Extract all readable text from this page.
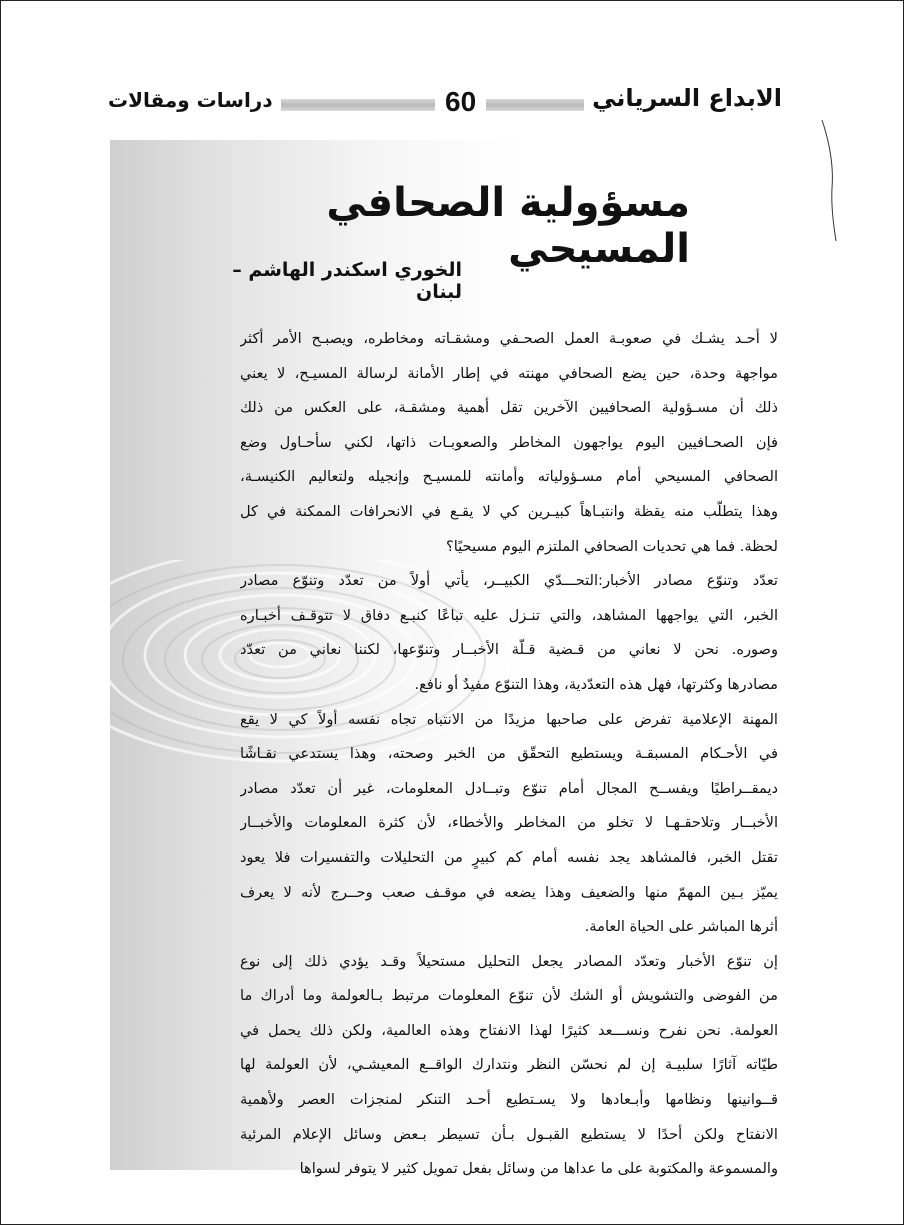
الابداع السرياني
60
دراسات ومقالات
مسؤولية الصحافي المسيحي

الخوري اسكندر الهاشم – لبنان

لا أحـد يشـك في صعوبـة العمل الصحـفي ومشقـاته ومخاطره، ويصبـح الأمر أكثر
مواجهة وحدة، حين يضع الصحافي مهنته في إطار الأمانة لرسالة المسيـح، لا يعني
ذلك أن مسـؤولية الصحافيين الآخرين تقل أهمية ومشقـة، على العكس من ذلك
فإن الصحـافيين اليوم يواجهون المخاطر والصعوبـات ذاتها، لكني سأحـاول وضع
الصحافي المسيحي أمام مسـؤولياته وأمانته للمسيـح وإنجيله ولتعاليم الكنيسـة،
وهذا يتطلّب منه يقظة وانتبـاهاً كبيـرين كي لا يقـع في الانحرافات الممكنة في كل
لحظة. فما هي تحديات الصحافي الملتزم اليوم مسيحيًا؟
تعدّد وتنوّع مصادر الأخبار:التحـــدّي الكبيــر، يأتي أولاً من تعدّد وتنوّع مصادر
الخبر، التي يواجهها المشاهد، والتي تنـزل عليه تباعًا كنبـع دفاق لا تتوقـف أخبـاره
وصوره. نحن لا نعاني من قـضية قـلّة الأخبــار وتنوّعها، لكننا نعاني من تعدّد
مصادرها وكثرتها، فهل هذه التعدّدية، وهذا التنوّع مفيدٌ أو نافع.
المهنة الإعلامية تفرض على صاحبها مزيدًا من الانتباه تجاه نفسه أولاً كي لا يقع
في الأحـكام المسبقـة ويستطيع التحقّق من الخبر وصحته، وهذا يستدعي نقـاشًا
ديمقــراطيًا ويفســح المجال أمام تنوّع وتبــادل المعلومات، غير أن تعدّد مصادر
الأخبــار وتلاحقـهـا لا تخلو من المخاطر والأخطاء، لأن كثرة المعلومات والأخبــار
تقتل الخبر، فالمشاهد يجد نفسه أمام كم كبيرٍ من التحليلات والتفسيرات فلا يعود
يميّز بـين المهمّ منها والضعيف وهذا يضعه في موقـف صعب وحــرج لأنه لا يعرف
أثرها المباشر على الحياة العامة.
إن تنوّع الأخبار وتعدّد المصادر يجعل التحليل مستحيلاً وقـد يؤدي ذلك إلى نوع
من الفوضى والتشويش أو الشك لأن تنوّع المعلومات مرتبط بـالعولمة وما أدراك ما
العولمة. نحن نفرح ونســـعد كثيرًا لهذا الانفتاح وهذه العالمية، ولكن ذلك يحمل في
طيّاته آثارًا سلبيـة إن لم نحسّن النظر ونتدارك الواقــع المعيشـي، لأن العولمة لها
قــوانينها ونظامها وأبـعادها ولا يسـتطيع أحـد التنكر لمنجزات العصر ولأهمية
الانفتاح ولكن أحدًا لا يستطيع القبـول بـأن تسيطر بـعض وسائل الإعلام المرئية
والمسموعة والمكتوبة على ما عداها من وسائل بفعل تمويل كثير لا يتوفر لسواها
